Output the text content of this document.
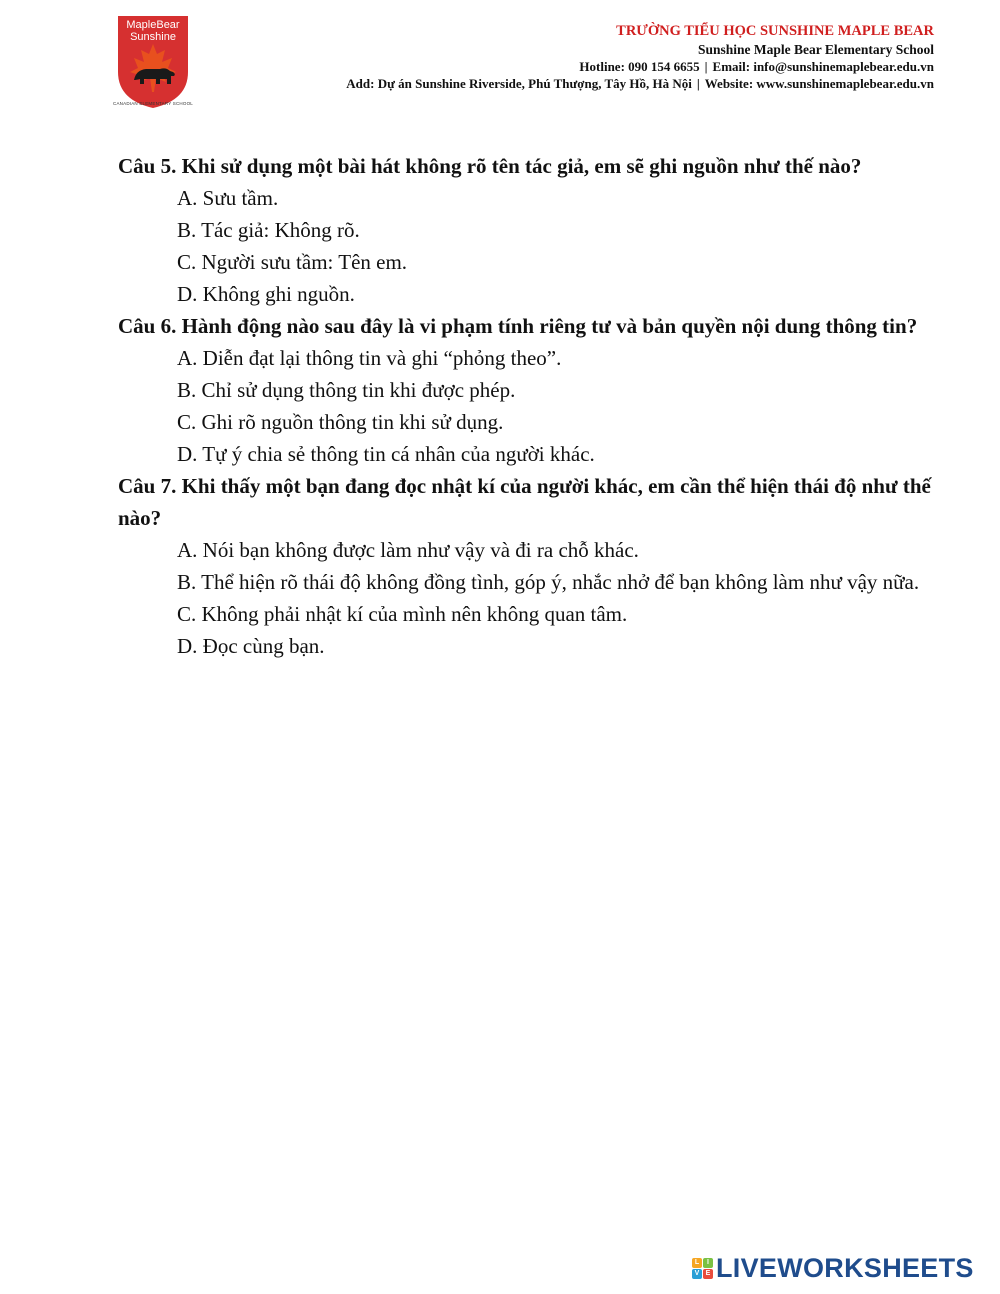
MapleBear
Sunshine
CANADIAN ELEMENTARY SCHOOL
TRƯỜNG TIỂU HỌC SUNSHINE MAPLE BEAR
Sunshine Maple Bear Elementary School
Hotline: 090 154 6655 | Email: info@sunshinemaplebear.edu.vn
Add: Dự án Sunshine Riverside, Phú Thượng, Tây Hồ, Hà Nội | Website: www.sunshinemaplebear.edu.vn
Câu 5. Khi sử dụng một bài hát không rõ tên tác giả, em sẽ ghi nguồn như thế nào?
A. Sưu tầm.
B. Tác giả: Không rõ.
C. Người sưu tầm: Tên em.
D. Không ghi nguồn.
Câu 6. Hành động nào sau đây là vi phạm tính riêng tư và bản quyền nội dung thông tin?
A. Diễn đạt lại thông tin và ghi “phỏng theo”.
B. Chỉ sử dụng thông tin khi được phép.
C. Ghi rõ nguồn thông tin khi sử dụng.
D. Tự ý chia sẻ thông tin cá nhân của người khác.
Câu 7. Khi thấy một bạn đang đọc nhật kí của người khác, em cần thể hiện thái độ như thế nào?
A. Nói bạn không được làm như vậy và đi ra chỗ khác.
B. Thể hiện rõ thái độ không đồng tình, góp ý, nhắc nhở để bạn không làm như vậy nữa.
C. Không phải nhật kí của mình nên không quan tâm.
D. Đọc cùng bạn.
L	I
V E LIVEWORKSHEETS
